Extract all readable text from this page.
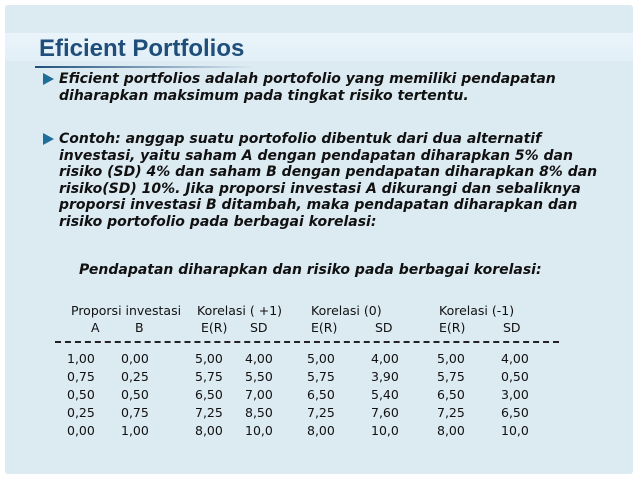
Eficient Portfolios
Eficient portfolios adalah portofolio yang memiliki pendapatan diharapkan maksimum pada tingkat risiko tertentu.
Contoh: anggap suatu portofolio dibentuk dari dua alternatif investasi, yaitu saham A dengan pendapatan diharapkan 5% dan risiko (SD) 4% dan saham B dengan pendapatan diharapkan 8% dan risiko(SD) 10%. Jika proporsi investasi A dikurangi dan sebaliknya proporsi investasi B ditambah, maka pendapatan diharapkan dan risiko portofolio pada berbagai korelasi:
Pendapatan diharapkan dan risiko pada berbagai korelasi:
Proporsi investasi Korelasi ( +1) Korelasi (0)	Korelasi (-1)
A	B	E(R) SD	E(R)	SD	E(R)	SD
1,00 0,00	5,00 4,00	5,00	4,00	5,00	4,00
0,75 0,25	5,75 5,50	5,75	3,90	5,75	0,50
0,50 0,50	6,50 7,00	6,50	5,40	6,50	3,00
0,25 0,75	7,25 8,50	7,25	7,60	7,25	6,50
0,00 1,00	8,00 10,0	8,00	10,0	8,00	10,0
